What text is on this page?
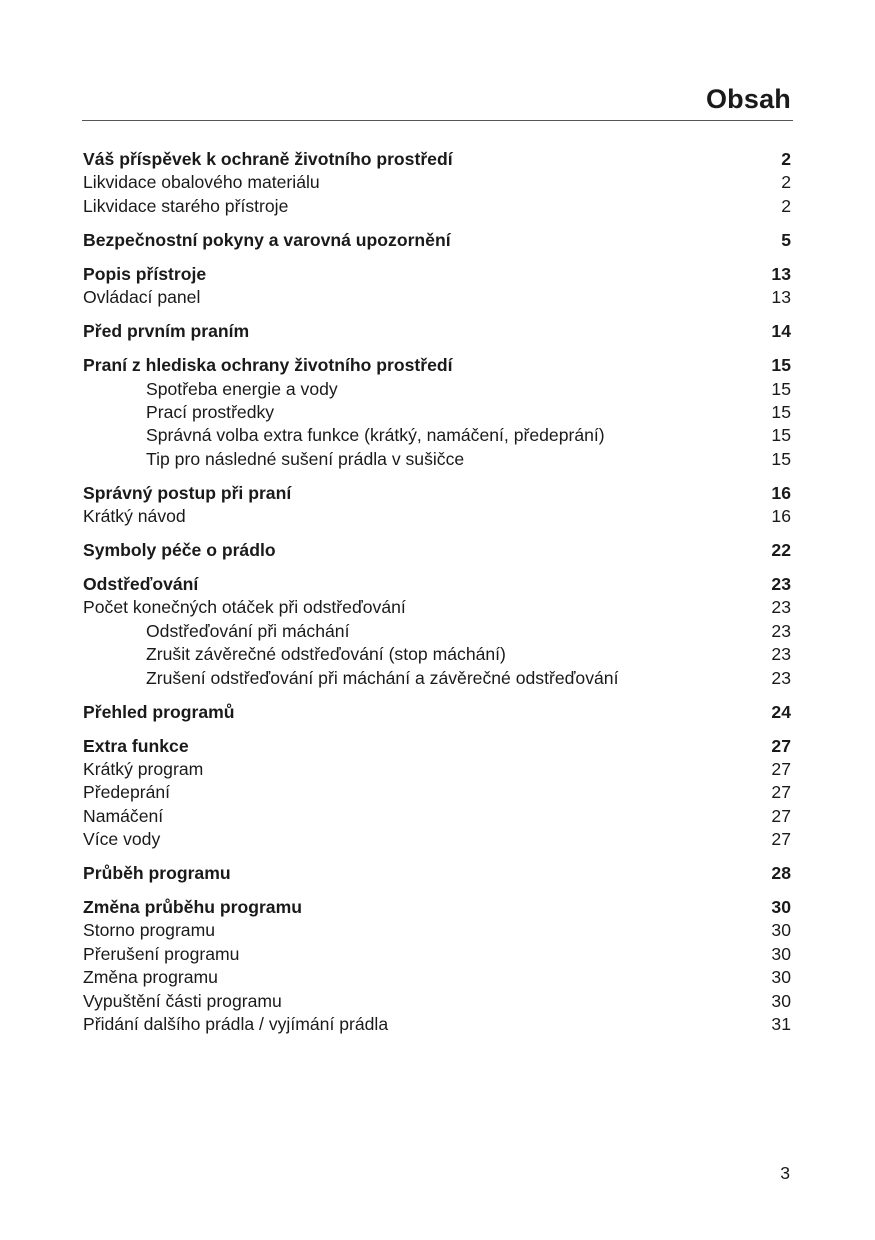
Obsah
Váš příspěvek k ochraně životního prostředí	2
Likvidace obalového materiálu	2
Likvidace starého přístroje	2
Bezpečnostní pokyny a varovná upozornění	5
Popis přístroje	13
Ovládací panel	13
Před prvním praním	14
Praní z hlediska ochrany životního prostředí	15
Spotřeba energie a vody	15
Prací prostředky	15
Správná volba extra funkce (krátký, namáčení, předeprání)	15
Tip pro následné sušení prádla v sušičce	15
Správný postup při praní	16
Krátký návod	16
Symboly péče o prádlo	22
Odstřeďování	23
Počet konečných otáček při odstřeďování	23
Odstřeďování při máchání	23
Zrušit závěrečné odstřeďování (stop máchání)	23
Zrušení odstřeďování při máchání a závěrečné odstřeďování	23
Přehled programů	24
Extra funkce	27
Krátký program	27
Předeprání	27
Namáčení	27
Více vody	27
Průběh programu	28
Změna průběhu programu	30
Storno programu	30
Přerušení programu	30
Změna programu	30
Vypuštění části programu	30
Přidání dalšího prádla / vyjímání prádla	31
3
